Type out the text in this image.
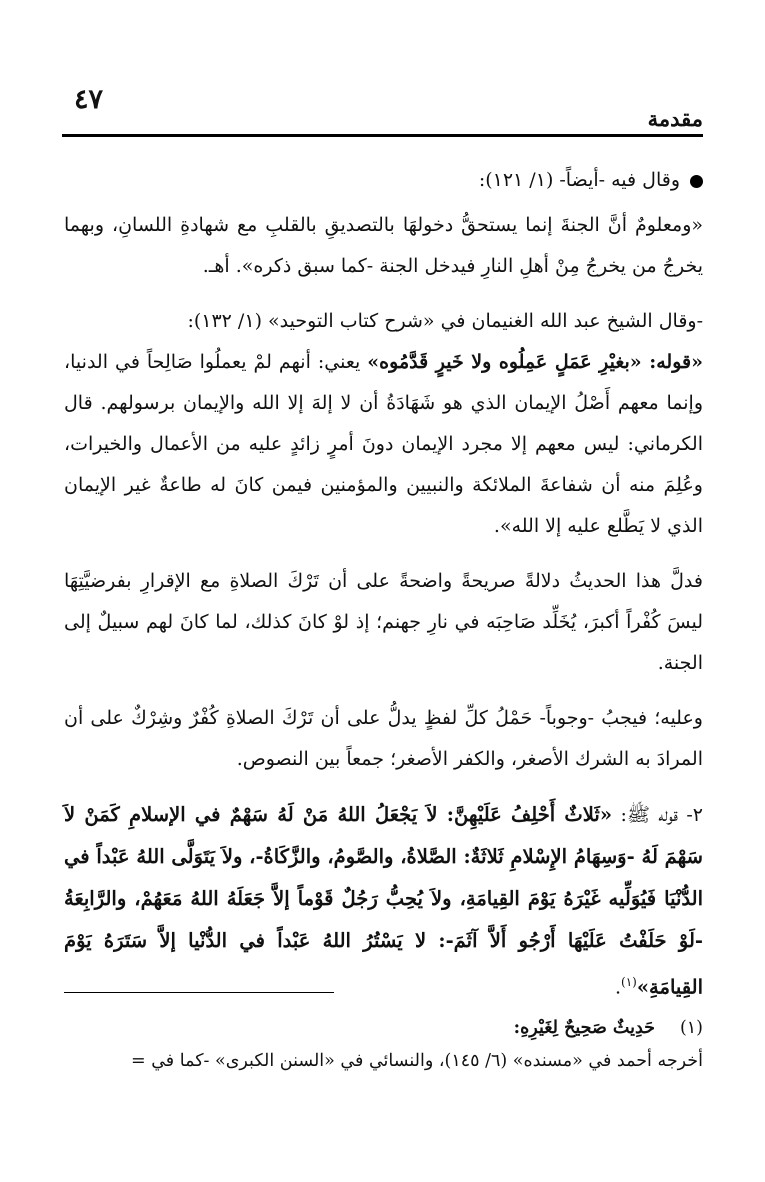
٤٧
مقدمة

وقال فيه -أيضاً- (١/ ١٢١):

«ومعلومٌ أنَّ الجنةَ إنما يستحقُّ دخولهَا بالتصديقِ بالقلبِ مع شهادةِ اللسانِ، وبهما يخرجُ من يخرجُ مِنْ أهلِ النارِ فيدخل الجنة -كما سبق ذكره». أهـ.

-وقال الشيخ عبد الله الغنيمان في «شرح كتاب التوحيد» (١/ ١٣٢):
«قوله: «بغيْرِ عَمَلٍ عَمِلُوه ولا خَيرٍ قَدَّمُوه» يعني: أنهم لمْ يعملُوا صَالِحاً في الدنيا، وإنما معهم أَصْلُ الإيمان الذي هو شَهَادَةُ أن لا إلهَ إلا الله والإيمان برسولهم. قال الكرماني: ليس معهم إلا مجرد الإيمان دونَ أمرٍ زائدٍ عليه من الأعمال والخيرات، وعُلِمَ منه أن شفاعةَ الملائكة والنبيين والمؤمنين فيمن كانَ له طاعةٌ غير الإيمان الذي لا يَطَّلع عليه إلا الله».

فدلَّ هذا الحديثُ دلالةً صريحةً واضحةً على أن تَرْكَ الصلاةِ مع الإقرارِ بفرضيَّتِهَا ليسَ كُفْراً أكبرَ، يُخَلِّد صَاحِبَه في نارِ جهنم؛ إذ لوْ كانَ كذلك، لما كانَ لهم سبيلٌ إلى الجنة.

وعليه؛ فيجبُ -وجوباً- حَمْلُ كلِّ لفظٍ يدلُّ على أن تَرْكَ الصلاةِ كُفْرٌ وشِرْكٌ على أن المرادَ به الشرك الأصغر، والكفر الأصغر؛ جمعاً بين النصوص.

٢- قوله ﷺ: «ثَلاثٌ أَحْلِفُ عَلَيْهِنَّ: لاَ يَجْعَلُ اللهُ مَنْ لَهُ سَهْمٌ في الإسلامِ كَمَنْ لاَ سَهْمَ لَهُ -وَسِهَامُ الإِسْلامِ ثَلاثَةٌ: الصَّلاةُ، والصَّومُ، والزَّكَاةُ-، ولاَ يَتَوَلَّى اللهُ عَبْداً في الدُّنْيَا فَيُوَلِّيه غَيْرَهُ يَوْمَ القِيامَةِ، ولاَ يُحِبُّ رَجُلٌ قَوْماً إلاَّ جَعَلَهُ اللهُ مَعَهُمْ، والرَّابِعَةُ -لَوْ حَلَفْتُ عَلَيْهَا أَرْجُو أَلاَّ آثَمَ-: لا يَسْتُرُ اللهُ عَبْداً في الدُّنْيا إلاَّ سَتَرَهُ يَوْمَ القِيامَةِ»$^{(١)}$.

(١)حَدِيثٌ صَحِيحٌ لِغَيْرِهِ:
أخرجه أحمد في «مسنده» (٦/ ١٤٥)، والنسائي في «السنن الكبرى» -كما في =
